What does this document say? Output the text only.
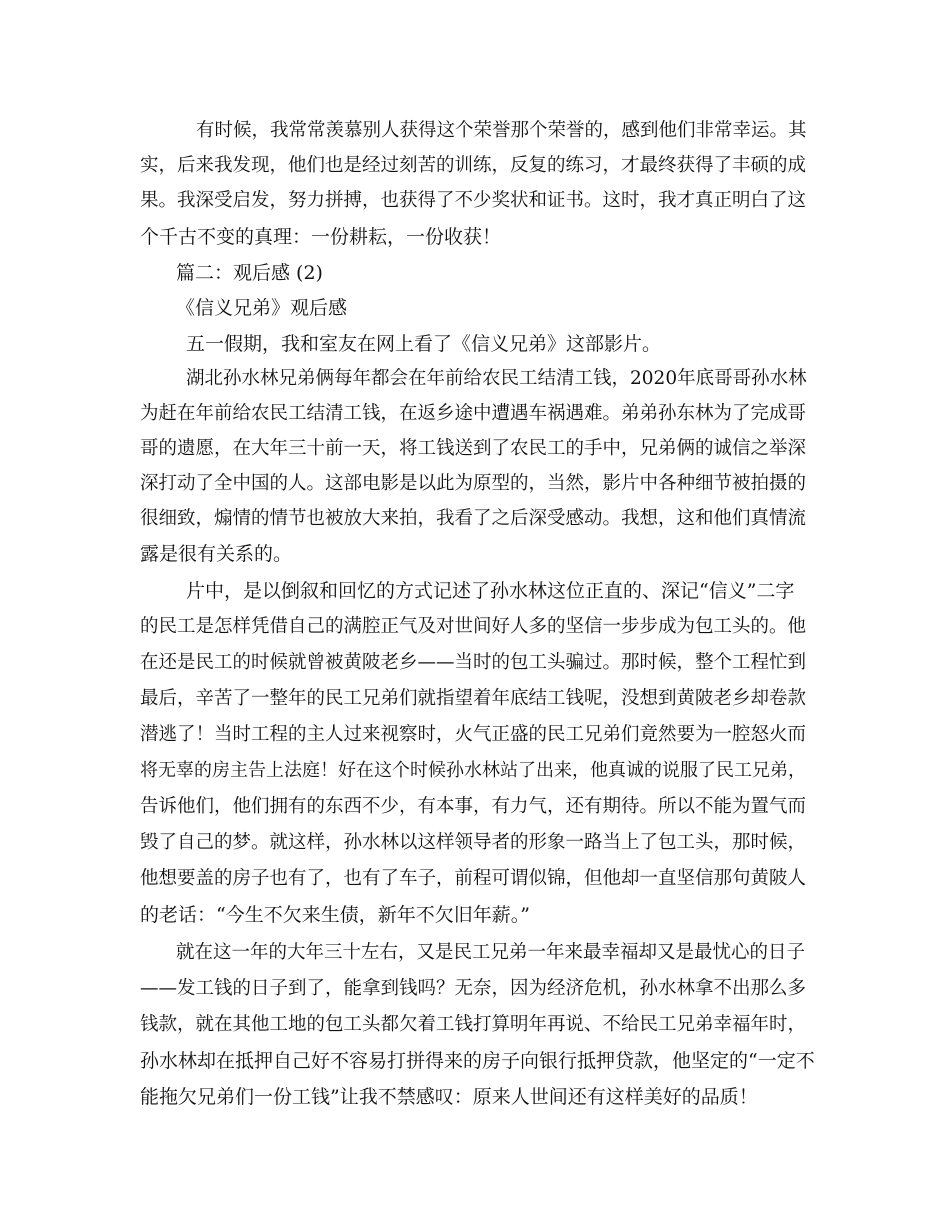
有时候，我常常羡慕别人获得这个荣誉那个荣誉的，感到他们非常幸运。其

实，后来我发现，他们也是经过刻苦的训练，反复的练习，才最终获得了丰硕的成

果。我深受启发，努力拼搏，也获得了不少奖状和证书。这时，我才真正明白了这

个千古不变的真理：一份耕耘，一份收获！

篇二：观后感 (2)

《信义兄弟》观后感

五一假期，我和室友在网上看了《信义兄弟》这部影片。

湖北孙水林兄弟俩每年都会在年前给农民工结清工钱，2020年底哥哥孙水林

为赶在年前给农民工结清工钱，在返乡途中遭遇车祸遇难。弟弟孙东林为了完成哥

哥的遗愿，在大年三十前一天，将工钱送到了农民工的手中，兄弟俩的诚信之举深

深打动了全中国的人。这部电影是以此为原型的，当然，影片中各种细节被拍摄的

很细致，煽情的情节也被放大来拍，我看了之后深受感动。我想，这和他们真情流

露是很有关系的。

片中，是以倒叙和回忆的方式记述了孙水林这位正直的、深记“信义”二字

的民工是怎样凭借自己的满腔正气及对世间好人多的坚信一步步成为包工头的。他

在还是民工的时候就曾被黄陂老乡——当时的包工头骗过。那时候，整个工程忙到

最后，辛苦了一整年的民工兄弟们就指望着年底结工钱呢，没想到黄陂老乡却卷款

潜逃了！当时工程的主人过来视察时，火气正盛的民工兄弟们竟然要为一腔怒火而

将无辜的房主告上法庭！好在这个时候孙水林站了出来，他真诚的说服了民工兄弟，

告诉他们，他们拥有的东西不少，有本事，有力气，还有期待。所以不能为置气而

毁了自己的梦。就这样，孙水林以这样领导者的形象一路当上了包工头，那时候，

他想要盖的房子也有了，也有了车子，前程可谓似锦，但他却一直坚信那句黄陂人

的老话：“今生不欠来生债，新年不欠旧年薪。”

就在这一年的大年三十左右，又是民工兄弟一年来最幸福却又是最忧心的日子

——发工钱的日子到了，能拿到钱吗？无奈，因为经济危机，孙水林拿不出那么多

钱款，就在其他工地的包工头都欠着工钱打算明年再说、不给民工兄弟幸福年时，

孙水林却在抵押自己好不容易打拼得来的房子向银行抵押贷款，他坚定的“一定不

能拖欠兄弟们一份工钱”让我不禁感叹：原来人世间还有这样美好的品质！
